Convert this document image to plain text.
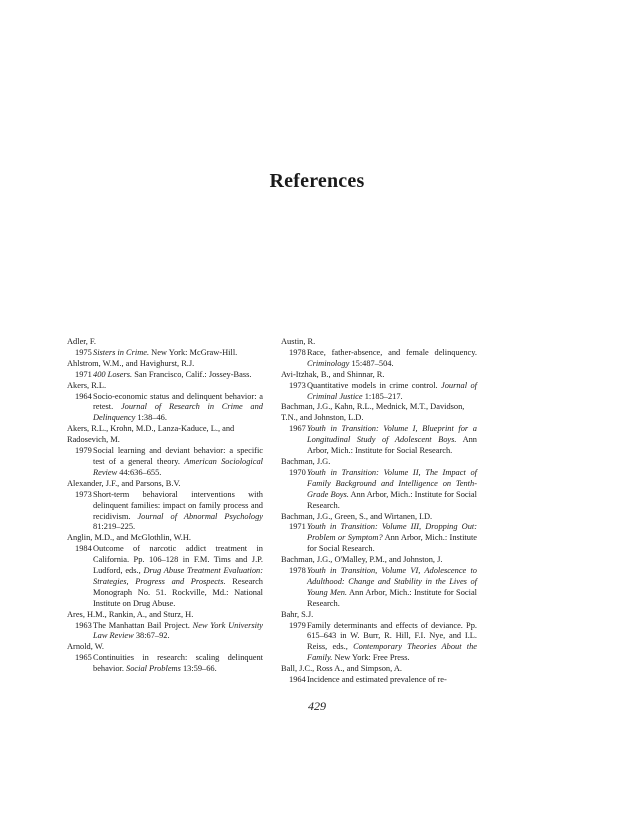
References
Adler, F.
1975Sisters in Crime. New York: McGraw-Hill.
Ahlstrom, W.M., and Havighurst, R.J.
1971400 Losers. San Francisco, Calif.: Jossey-Bass.
Akers, R.L.
1964Socio-economic status and delinquent behavior: a retest. Journal of Research in Crime and Delinquency 1:38–46.
Akers, R.L., Krohn, M.D., Lanza-Kaduce, L., and Radosevich, M.
1979Social learning and deviant behavior: a specific test of a general theory. American Sociological Review 44:636–655.
Alexander, J.F., and Parsons, B.V.
1973Short-term behavioral interventions with delinquent families: impact on family process and recidivism. Journal of Abnormal Psychology 81:219–225.
Anglin, M.D., and McGlothlin, W.H.
1984Outcome of narcotic addict treatment in California. Pp. 106–128 in F.M. Tims and J.P. Ludford, eds., Drug Abuse Treatment Evaluation: Strategies, Progress and Prospects. Research Monograph No. 51. Rockville, Md.: National Institute on Drug Abuse.
Ares, H.M., Rankin, A., and Sturz, H.
1963The Manhattan Bail Project. New York University Law Review 38:67–92.
Arnold, W.
1965Continuities in research: scaling delinquent behavior. Social Problems 13:59–66.
Austin, R.
1978Race, father-absence, and female delinquency. Criminology 15:487–504.
Avi-Itzhak, B., and Shinnar, R.
1973Quantitative models in crime control. Journal of Criminal Justice 1:185–217.
Bachman, J.G., Kahn, R.L., Mednick, M.T., Davidson, T.N., and Johnston, L.D.
1967Youth in Transition: Volume I, Blueprint for a Longitudinal Study of Adolescent Boys. Ann Arbor, Mich.: Institute for Social Research.
Bachman, J.G.
1970Youth in Transition: Volume II, The Impact of Family Background and Intelligence on Tenth-Grade Boys. Ann Arbor, Mich.: Institute for Social Research.
Bachman, J.G., Green, S., and Wirtanen, I.D.
1971Youth in Transition: Volume III, Dropping Out: Problem or Symptom? Ann Arbor, Mich.: Institute for Social Research.
Bachman, J.G., O'Malley, P.M., and Johnston, J.
1978Youth in Transition, Volume VI, Adolescence to Adulthood: Change and Stability in the Lives of Young Men. Ann Arbor, Mich.: Institute for Social Research.
Bahr, S.J.
1979Family determinants and effects of deviance. Pp. 615–643 in W. Burr, R. Hill, F.I. Nye, and I.L. Reiss, eds., Contemporary Theories About the Family. New York: Free Press.
Ball, J.C., Ross A., and Simpson, A.
1964Incidence and estimated prevalence of re-
429
